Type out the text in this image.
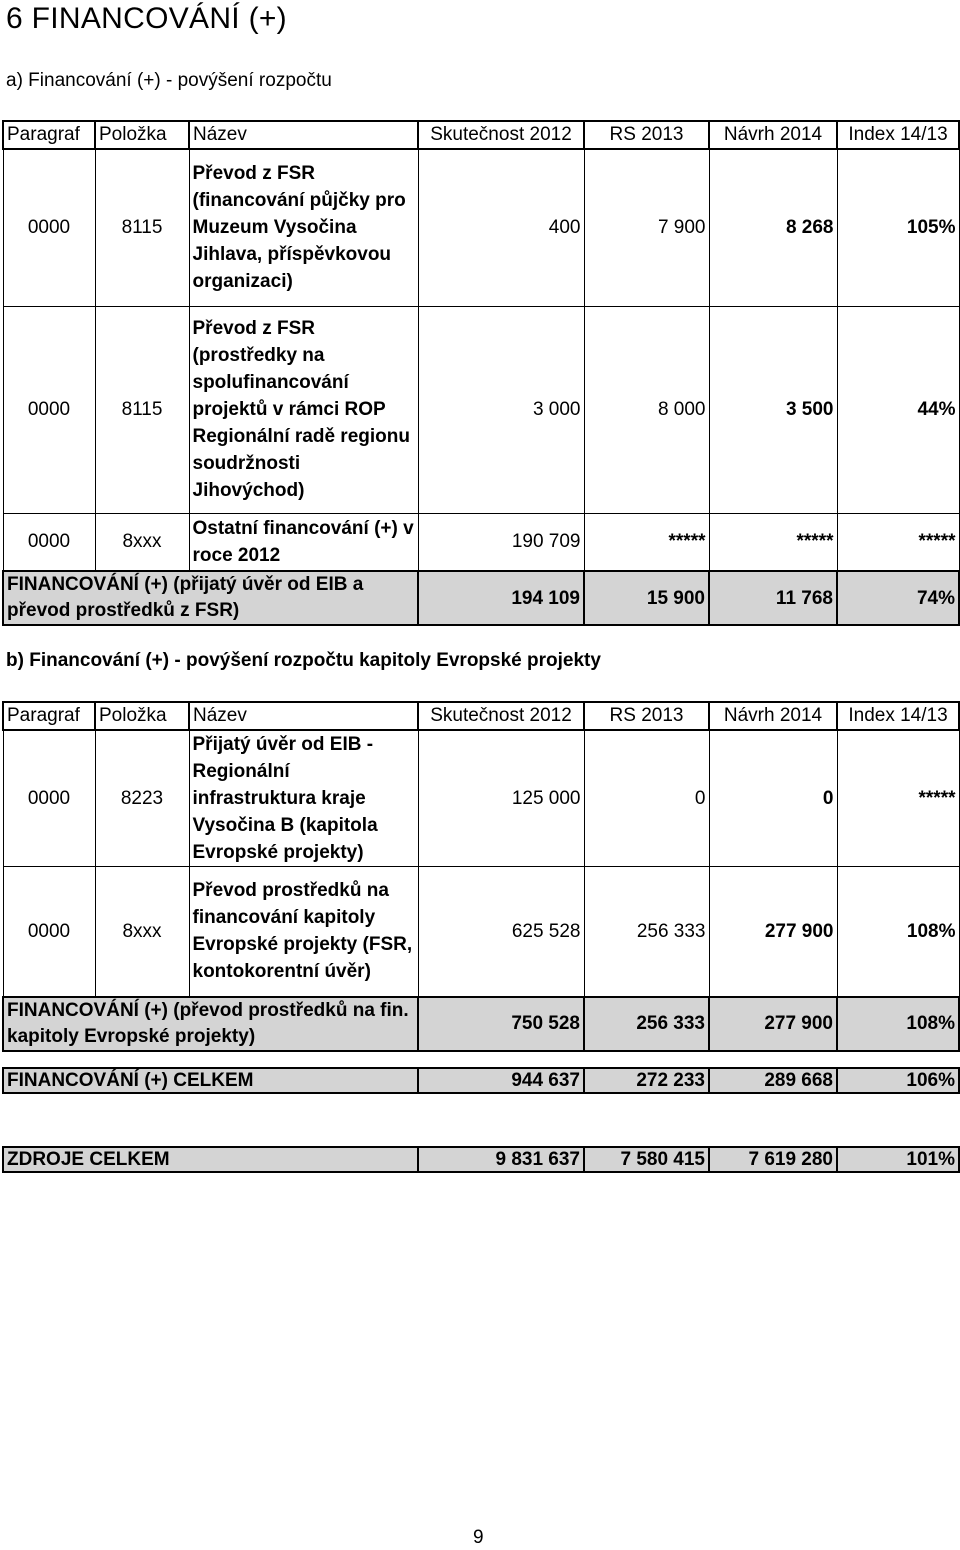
6 FINANCOVÁNÍ (+)
a) Financování (+) - povýšení rozpočtu
Paragraf	Položka	Název	Skutečnost 2012	RS 2013	Návrh 2014	Index 14/13
0000	8115	Převod z FSR (financování půjčky pro Muzeum Vysočina Jihlava, příspěvkovou organizaci)	400	7 900	8 268	105%
0000	8115	Převod z FSR (prostředky na spolufinancování projektů v rámci ROP Regionální radě regionu soudržnosti Jihovýchod)	3 000	8 000	3 500	44%
0000	8xxx	Ostatní financování (+) v roce 2012	190 709	*****	*****	*****
FINANCOVÁNÍ (+) (přijatý úvěr od EIB a převod prostředků z FSR)			194 109	15 900	11 768	74%
b) Financování (+) - povýšení rozpočtu kapitoly Evropské projekty
Paragraf	Položka	Název	Skutečnost 2012	RS 2013	Návrh 2014	Index 14/13
0000	8223	Přijatý úvěr od EIB - Regionální infrastruktura kraje Vysočina B (kapitola Evropské projekty)	125 000	0	0	*****
0000	8xxx	Převod prostředků na financování kapitoly Evropské projekty (FSR, kontokorentní úvěr)	625 528	256 333	277 900	108%
FINANCOVÁNÍ (+) (převod prostředků na fin. kapitoly Evropské projekty)			750 528	256 333	277 900	108%
FINANCOVÁNÍ (+) CELKEM	944 637	272 233	289 668	106%
ZDROJE CELKEM	9 831 637	7 580 415	7 619 280	101%
9
